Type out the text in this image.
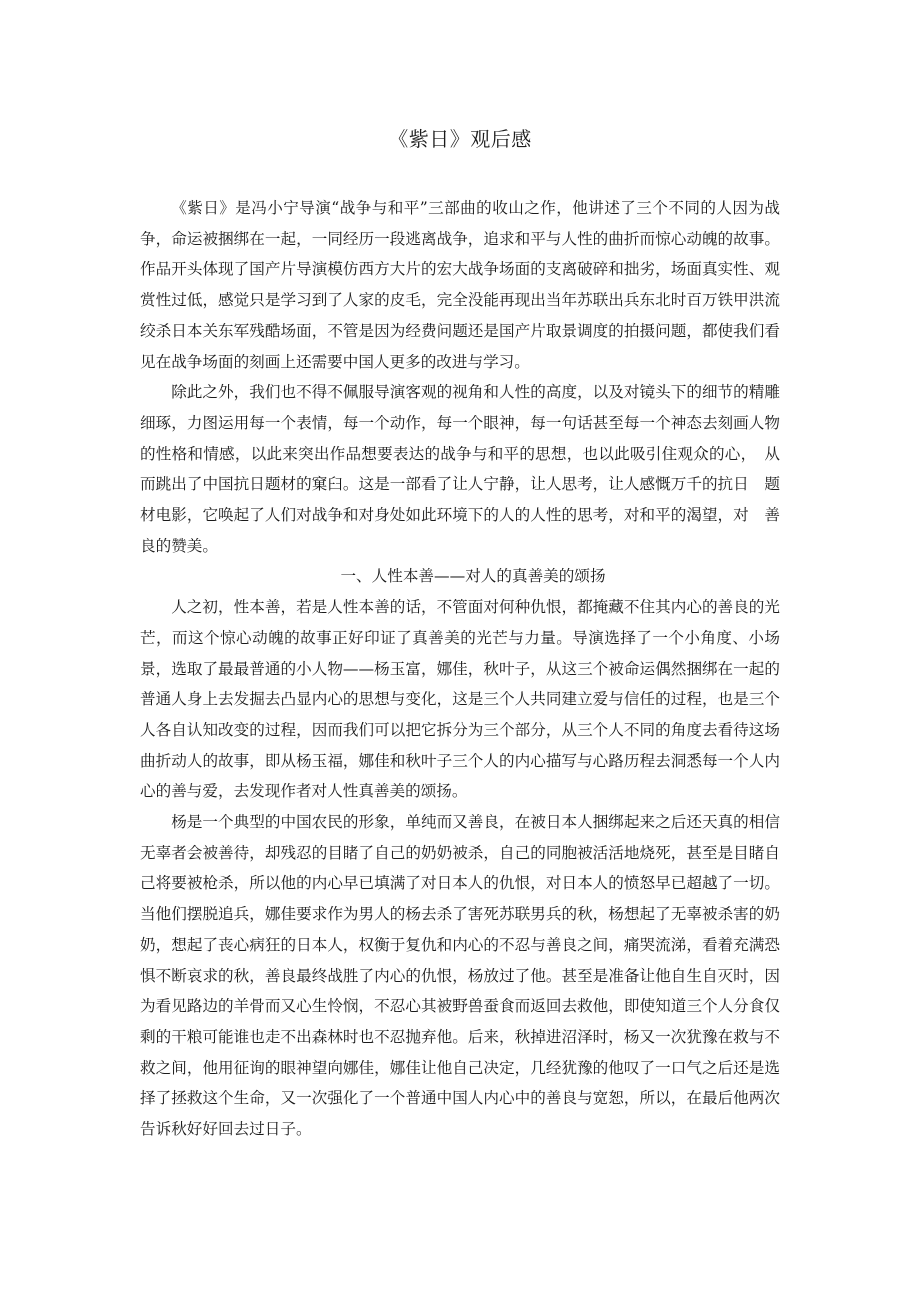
《紫日》观后感

《紫日》是冯小宁导演“战争与和平”三部曲的收山之作，他讲述了三个不同的人因为战争，命运被捆绑在一起，一同经历一段逃离战争，追求和平与人性的曲折而惊心动魄的故事。作品开头体现了国产片导演模仿西方大片的宏大战争场面的支离破碎和拙劣，场面真实性、观赏性过低，感觉只是学习到了人家的皮毛，完全没能再现出当年苏联出兵东北时百万铁甲洪流绞杀日本关东军残酷场面，不管是因为经费问题还是国产片取景调度的拍摄问题，都使我们看见在战争场面的刻画上还需要中国人更多的改进与学习。

除此之外，我们也不得不佩服导演客观的视角和人性的高度，以及对镜头下的细节的精雕细琢，力图运用每一个表情，每一个动作，每一个眼神，每一句话甚至每一个神态去刻画人物的性格和情感，以此来突出作品想要表达的战争与和平的思想，也以此吸引住观众的心，　从而跳出了中国抗日题材的窠臼。这是一部看了让人宁静，让人思考，让人感慨万千的抗日　题材电影，它唤起了人们对战争和对身处如此环境下的人的人性的思考，对和平的渴望，对　善良的赞美。

一、人性本善——对人的真善美的颂扬

人之初，性本善，若是人性本善的话，不管面对何种仇恨，都掩藏不住其内心的善良的光芒，而这个惊心动魄的故事正好印证了真善美的光芒与力量。导演选择了一个小角度、小场景，选取了最最普通的小人物——杨玉富，娜佳，秋叶子，从这三个被命运偶然捆绑在一起的普通人身上去发掘去凸显内心的思想与变化，这是三个人共同建立爱与信任的过程，也是三个人各自认知改变的过程，因而我们可以把它拆分为三个部分，从三个人不同的角度去看待这场曲折动人的故事，即从杨玉福，娜佳和秋叶子三个人的内心描写与心路历程去洞悉每一个人内心的善与爱，去发现作者对人性真善美的颂扬。

杨是一个典型的中国农民的形象，单纯而又善良，在被日本人捆绑起来之后还天真的相信无辜者会被善待，却残忍的目睹了自己的奶奶被杀，自己的同胞被活活地烧死，甚至是目睹自己将要被枪杀，所以他的内心早已填满了对日本人的仇恨，对日本人的愤怒早已超越了一切。当他们摆脱追兵，娜佳要求作为男人的杨去杀了害死苏联男兵的秋，杨想起了无辜被杀害的奶奶，想起了丧心病狂的日本人，权衡于复仇和内心的不忍与善良之间，痛哭流涕，看着充满恐惧不断哀求的秋，善良最终战胜了内心的仇恨，杨放过了他。甚至是准备让他自生自灭时，因为看见路边的羊骨而又心生怜悯，不忍心其被野兽蚕食而返回去救他，即使知道三个人分食仅剩的干粮可能谁也走不出森林时也不忍抛弃他。后来，秋掉进沼泽时，杨又一次犹豫在救与不救之间，他用征询的眼神望向娜佳，娜佳让他自己决定，几经犹豫的他叹了一口气之后还是选择了拯救这个生命，又一次强化了一个普通中国人内心中的善良与宽恕，所以，在最后他两次告诉秋好好回去过日子。
